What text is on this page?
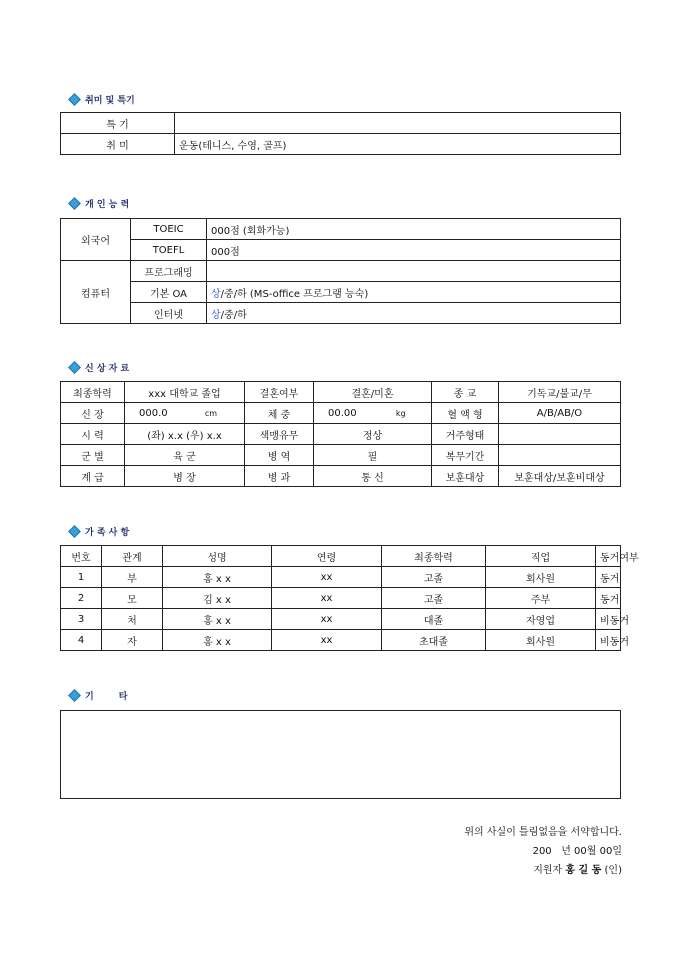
취미 및 특기
특 기	
취 미	운동(테니스, 수영, 골프)
개 인 능 력
외국어	TOEIC	000점 (회화가능)
	TOEFL	000점
컴퓨터	프로그래밍	
	기본 OA	상/중/하 (MS-office 프로그램 능숙)
	인터넷	상/중/하
신 상 자 료
최종학력	xxx 대학교 졸업	결혼여부	결혼/미혼	종 교	기독교/불교/무
신 장	000.0 cm	체 중	00.00 kg	혈 액 형	A/B/AB/O
시 력	(좌) x.x (우) x.x	색맹유무	정상	거주형태	
군 별	육 군	병 역	필	복무기간	
계 급	병 장	병 과	통 신	보훈대상	보훈대상/보훈비대상
가 족 사 항
번호	관계	성명	연령	최종학력	직업	동거여부
1	부	홍 x x	xx	고졸	회사원	동거
2	모	김 x x	xx	고졸	주부	동거
3	처	홍 x x	xx	대졸	자영업	비동거
4	자	홍 x x	xx	초대졸	회사원	비동거
기        타
위의 사실이 틀림없음을 서약합니다.
200   년 00월 00일
지원자 홍 길 동 (인)
